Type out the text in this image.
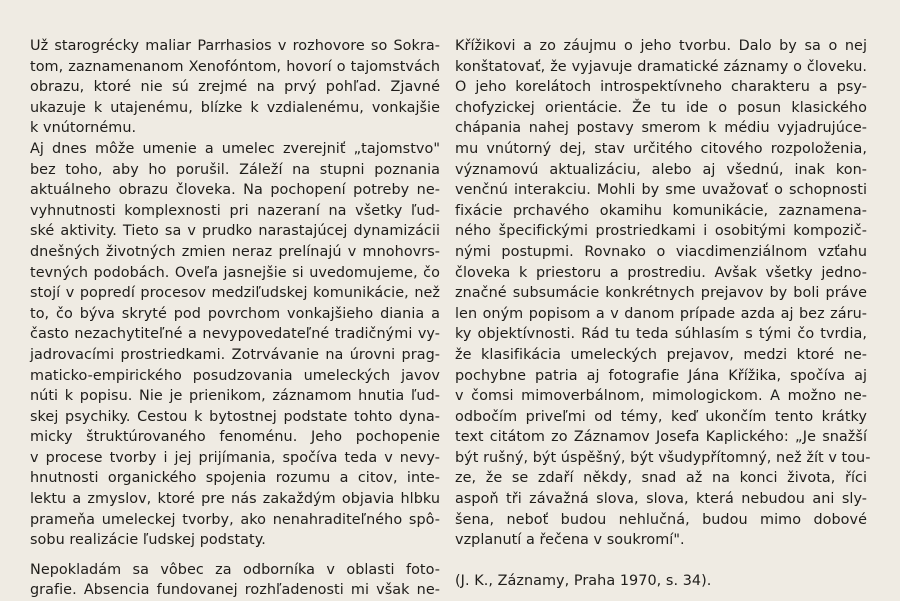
Už starogrécky maliar Parrhasios v rozhovore so Sokra-

tom, zaznamenanom Xenofóntom, hovorí o tajomstvách

obrazu, ktoré nie sú zrejmé na prvý pohľad. Zjavné

ukazuje k utajenému, blízke k vzdialenému, vonkajšie

k vnútornému.

Aj dnes môže umenie a umelec zverejniť „tajomstvo"

bez toho, aby ho porušil. Záleží na stupni poznania

aktuálneho obrazu človeka. Na pochopení potreby ne-

vyhnutnosti komplexnosti pri nazeraní na všetky ľud-

ské aktivity. Tieto sa v prudko narastajúcej dynamizácii

dnešných životných zmien neraz prelínajú v mnohovrs-

tevných podobách. Oveľa jasnejšie si uvedomujeme, čo

stojí v popredí procesov medziľudskej komunikácie, než

to, čo býva skryté pod povrchom vonkajšieho diania a

často nezachytiteľné a nevypovedateľné tradičnými vy-

jadrovacími prostriedkami. Zotrvávanie na úrovni prag-

maticko-empirického posudzovania umeleckých javov

núti k popisu. Nie je prienikom, záznamom hnutia ľud-

skej psychiky. Cestou k bytostnej podstate tohto dyna-

micky štruktúrovaného fenoménu. Jeho pochopenie

v procese tvorby i jej prijímania, spočíva teda v nevy-

hnutnosti organického spojenia rozumu a citov, inte-

lektu a zmyslov, ktoré pre nás zakaždým objavia hlbku

prameňa umeleckej tvorby, ako nenahraditeľného spô-

sobu realizácie ľudskej podstaty.

Nepokladám sa vôbec za odborníka v oblasti foto-

grafie. Absencia fundovanej rozhľadenosti mi však ne-

Křížikovi a zo záujmu o jeho tvorbu. Dalo by sa o nej

konštatovať, že vyjavuje dramatické záznamy o človeku.

O jeho korelátoch introspektívneho charakteru a psy-

chofyzickej orientácie. Že tu ide o posun klasického

chápania nahej postavy smerom k médiu vyjadrujúce-

mu vnútorný dej, stav určitého citového rozpoloženia,

významovú aktualizáciu, alebo aj všednú, inak kon-

venčnú interakciu. Mohli by sme uvažovať o schopnosti

fixácie prchavého okamihu komunikácie, zaznamena-

ného špecifickými prostriedkami i osobitými kompozič-

nými postupmi. Rovnako o viacdimenziálnom vzťahu

človeka k priestoru a prostrediu. Avšak všetky jedno-

značné subsumácie konkrétnych prejavov by boli práve

len oným popisom a v danom prípade azda aj bez záru-

ky objektívnosti. Rád tu teda súhlasím s tými čo tvrdia,

že klasifikácia umeleckých prejavov, medzi ktoré ne-

pochybne patria aj fotografie Jána Křížika, spočíva aj

v čomsi mimoverbálnom, mimologickom. A možno ne-

odbočím priveľmi od témy, keď ukončím tento krátky

text citátom zo Záznamov Josefa Kaplického: „Je snažší

být rušný, být úspěšný, být všudypřítomný, než žít v tou-

ze, že se zdaří někdy, snad až na konci života, říci

aspoň tři závažná slova, slova, která nebudou ani sly-

šena, neboť budou nehlučná, budou mimo dobové

vzplanutí a řečena v soukromí".

(J. K., Záznamy, Praha 1970, s. 34).
